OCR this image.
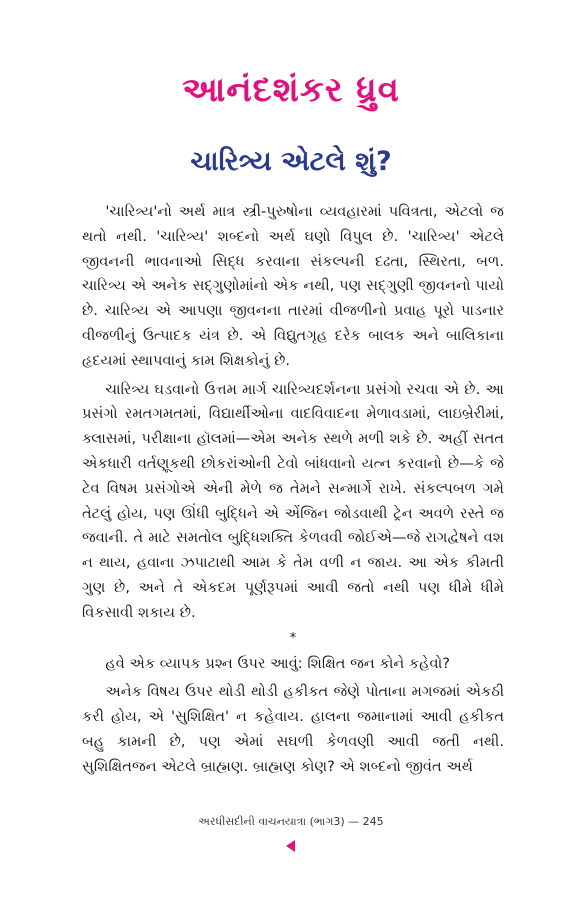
આનંદશંકર ધ્રુવ
ચારિત્ર્ય એટલે શું?

'ચારિત્ર્ય'નો અર્થ માત્ર સ્ત્રી-પુરુષોના વ્યવહારમાં પવિત્રતા, એટલો જ થતો નથી. 'ચારિત્ર્ય' શબ્દનો અર્થ ઘણો વિપુલ છે. 'ચારિત્ર્ય' એટલે જીવનની ભાવનાઓ સિદ્ધ કરવાના સંકલ્પની દઢતા, સ્થિરતા, બળ. ચારિત્ર્ય એ અનેક સદ્ગુણોમાંનો એક નથી, પણ સદ્ગુણી જીવનનો પાયો છે. ચારિત્ર્ય એ આપણા જીવનના તારમાં વીજળીનો પ્રવાહ પૂરો પાડનાર વીજળીનું ઉત્પાદક યંત્ર છે. એ વિદ્યુતગૃહ દરેક બાલક અને બાલિકાના હૃદયમાં સ્થાપવાનું કામ શિક્ષકોનું છે.

ચારિત્ર્ય ઘડવાનો ઉત્તમ માર્ગ ચારિત્ર્યદર્શનના પ્રસંગો રચવા એ છે. આ પ્રસંગો રમતગમતમાં, વિદ્યાર્થીઓના વાદવિવાદના મેળાવડામાં, લાઇબ્રેરીમાં, ક્લાસમાં, પરીક્ષાના હૉલમાં—એમ અનેક સ્થળે મળી શકે છે. અહીં સતત એકધારી વર્તણૂકથી છોકરાંઓની ટેવો બાંધવાનો યત્ન કરવાનો છે—કે જે ટેવ વિષમ પ્રસંગોએ એની મેળે જ તેમને સન્માર્ગે રાખે. સંકલ્પબળ ગમે તેટલું હોય, પણ ઊંધી બુદ્ધિને એ એંજિન જોડવાથી ટ્રેન અવળે રસ્તે જ જવાની. તે માટે સમતોલ બુદ્ધિશક્તિ કેળવવી જોઈએ—જે રાગદ્વેષને વશ ન થાય, હવાના ઝપાટાથી આમ કે તેમ વળી ન જાય. આ એક કીમતી ગુણ છે, અને તે એકદમ પૂર્ણરૂપમાં આવી જતો નથી પણ ધીમે ધીમે વિકસાવી શકાય છે.

*

હવે એક વ્યાપક પ્રશ્ન ઉપર આવું: શિક્ષિત જન કોને કહેવો?

અનેક વિષય ઉપર થોડી થોડી હકીકત જેણે પોતાના મગજમાં એકઠી કરી હોય, એ 'સુશિક્ષિત' ન કહેવાય. હાલના જમાનામાં આવી હકીકત બહુ કામની છે, પણ એમાં સઘળી કેળવણી આવી જતી નથી. સુશિક્ષિતજન એટલે બ્રાહ્મણ. બ્રાહ્મણ કોણ? એ શબ્દનો જીવંત અર્થ

અરધીસદીની વાચનયાત્રા (ભાગ3) — 245
